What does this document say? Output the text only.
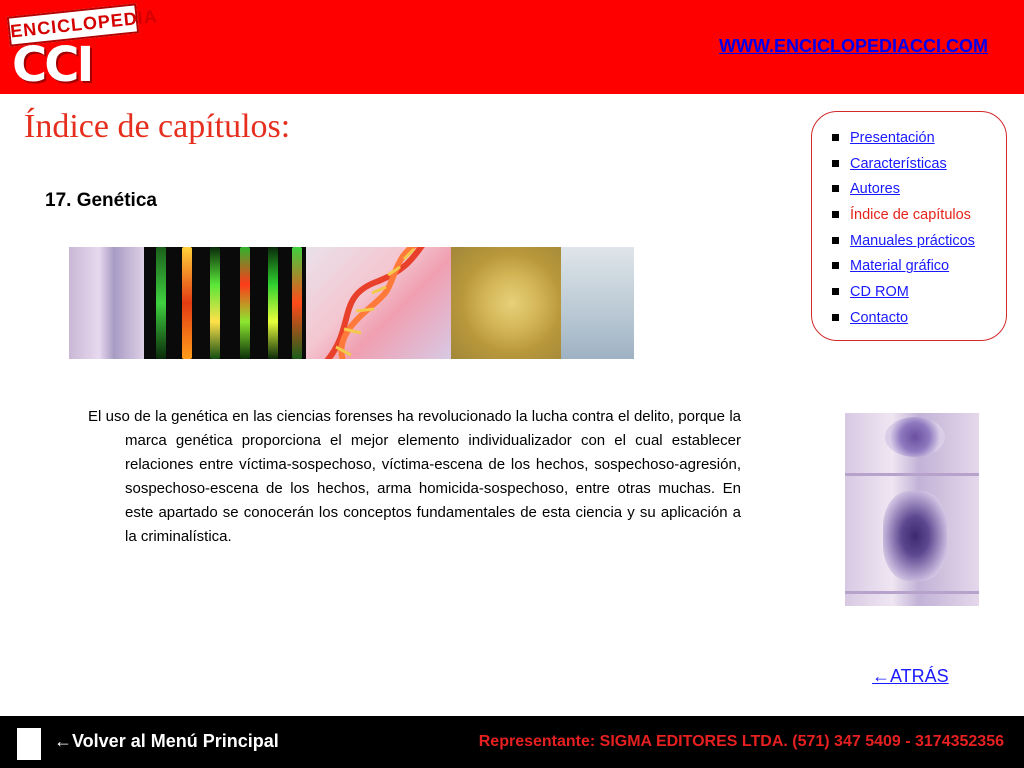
ENCICLOPEDIA
CCI	WWW.ENCICLOPEDIACCI.COM
Índice de capítulos:
17. Genética

El uso de la genética en las ciencias forenses ha revolucionado la lucha contra el delito, porque la marca genética proporciona el mejor elemento individualizador con el cual establecer relaciones entre víctima-sospechoso, víctima-escena de los hechos, sospechoso-agresión, sospechoso-escena de los hechos, arma homicida-sospechoso, entre otras muchas. En este apartado se conocerán los conceptos fundamentales de esta ciencia y su aplicación a la criminalística.

Presentación
Características
Autores
Índice de capítulos
Manuales prácticos
Material gráfico
CD ROM
Contacto
←ATRÁS
←Volver al Menú Principal	Representante: SIGMA EDITORES LTDA. (571) 347 5409 - 3174352356
